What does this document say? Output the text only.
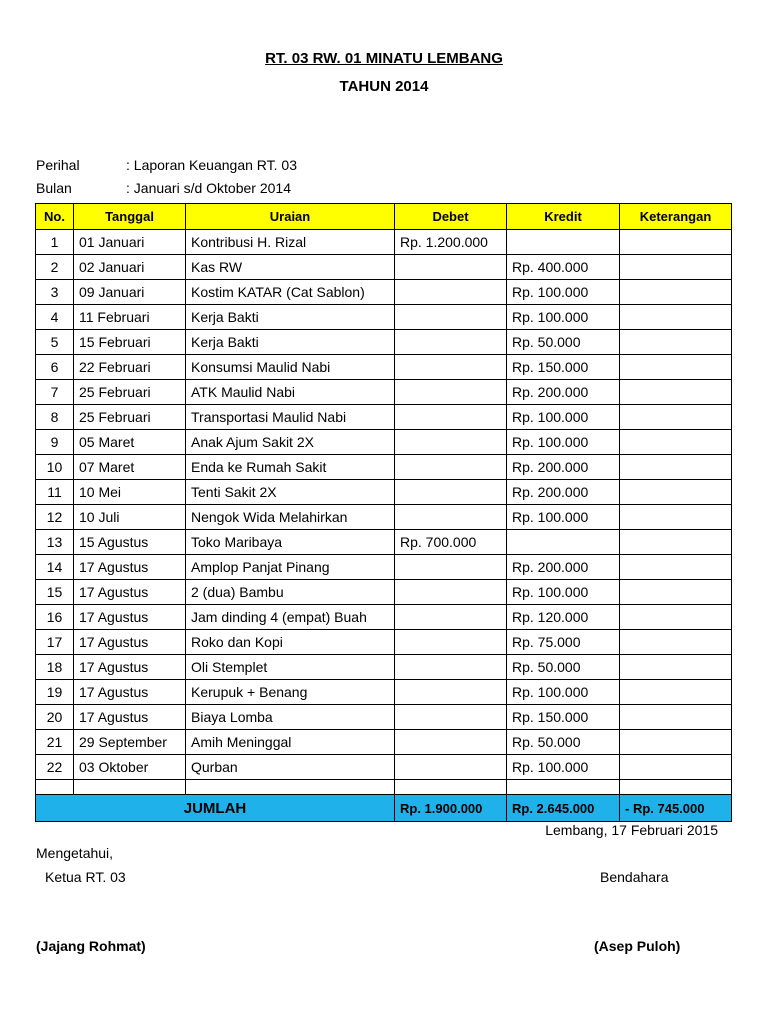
RT. 03 RW. 01 MINATU LEMBANG
TAHUN 2014
Perihal	: Laporan Keuangan RT. 03
Bulan	: Januari s/d Oktober 2014
No.	Tanggal	Uraian	Debet	Kredit	Keterangan
1	01 Januari	Kontribusi H. Rizal	Rp. 1.200.000		
2	02 Januari	Kas RW		Rp. 400.000	
3	09 Januari	Kostim KATAR (Cat Sablon)		Rp. 100.000	
4	11 Februari	Kerja Bakti		Rp. 100.000	
5	15 Februari	Kerja Bakti		Rp. 50.000	
6	22 Februari	Konsumsi Maulid Nabi		Rp. 150.000	
7	25 Februari	ATK Maulid Nabi		Rp. 200.000	
8	25 Februari	Transportasi Maulid Nabi		Rp. 100.000	
9	05 Maret	Anak Ajum Sakit 2X		Rp. 100.000	
10	07 Maret	Enda ke Rumah Sakit		Rp. 200.000	
11	10 Mei	Tenti Sakit 2X		Rp. 200.000	
12	10 Juli	Nengok Wida Melahirkan		Rp. 100.000	
13	15 Agustus	Toko Maribaya	Rp. 700.000		
14	17 Agustus	Amplop Panjat Pinang		Rp. 200.000	
15	17 Agustus	2 (dua) Bambu		Rp. 100.000	
16	17 Agustus	Jam dinding 4 (empat) Buah		Rp. 120.000	
17	17 Agustus	Roko dan Kopi		Rp. 75.000	
18	17 Agustus	Oli Stemplet		Rp. 50.000	
19	17 Agustus	Kerupuk + Benang		Rp. 100.000	
20	17 Agustus	Biaya Lomba		Rp. 150.000	
21	29 September	Amih Meninggal		Rp. 50.000	
22	03 Oktober	Qurban		Rp. 100.000	

JUMLAH			Rp. 1.900.000	Rp. 2.645.000	- Rp. 745.000
Lembang, 17 Februari 2015
Mengetahui,
Ketua RT. 03	Bendahara
(Jajang Rohmat)	(Asep Puloh)
